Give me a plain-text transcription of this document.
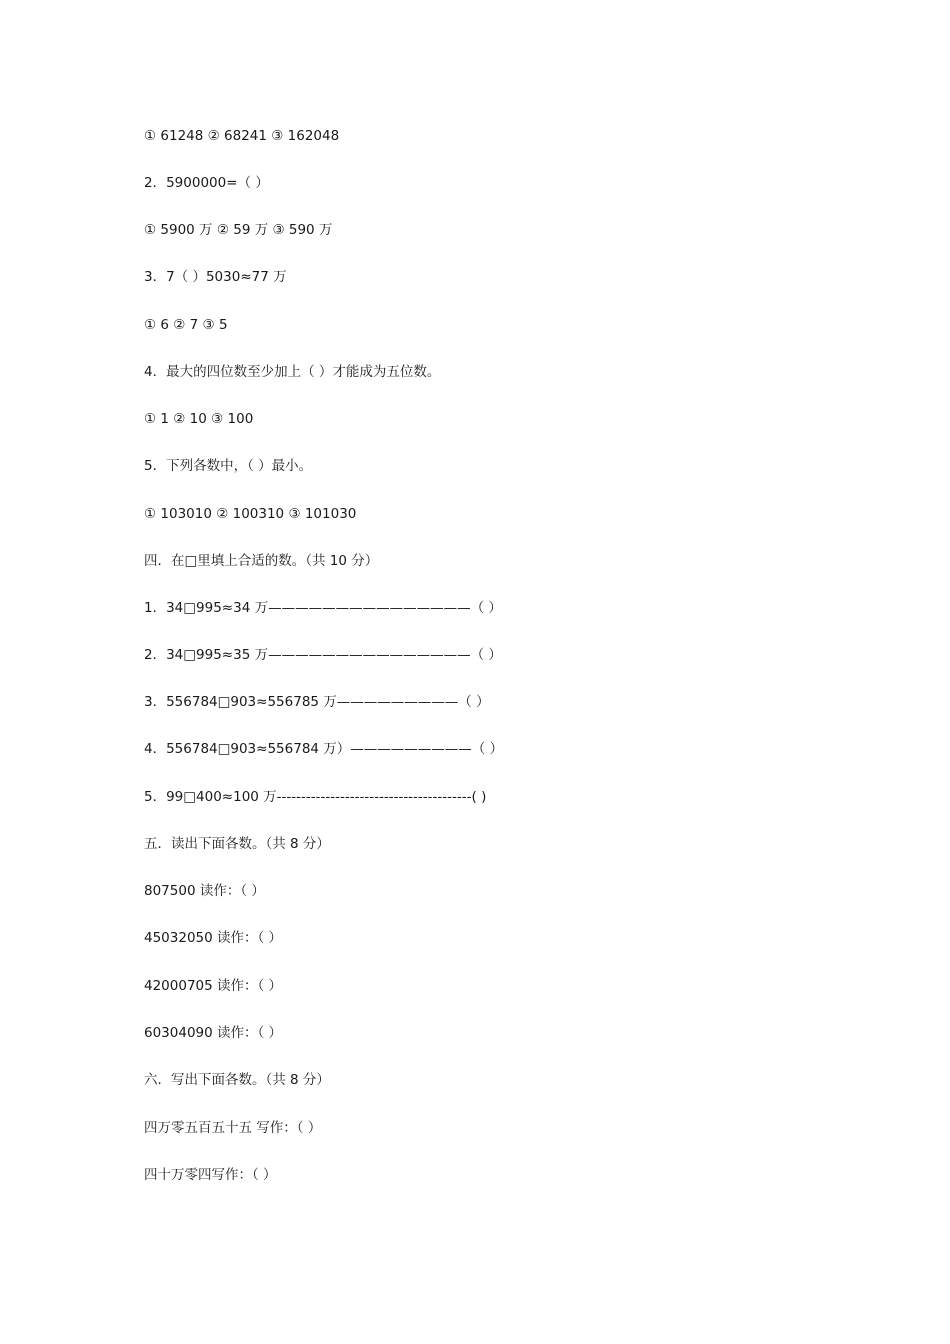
① 61248 ② 68241 ③ 162048
2．5900000=（ ）
① 5900 万 ② 59 万 ③ 590 万
3．7（ ）5030≈77 万
① 6 ② 7 ③ 5
4．最大的四位数至少加上（ ）才能成为五位数。
① 1 ② 10 ③ 100
5．下列各数中，（ ）最小。
① 103010 ② 100310 ③ 101030
四．在□里填上合适的数。（共 10 分）
1．34□995≈34 万———————————————（ ）
2．34□995≈35 万———————————————（ ）
3．556784□903≈556785 万—————————（ ）
4．556784□903≈556784 万）—————————（ ）
5．99□400≈100 万----------------------------------------( )
五．读出下面各数。（共 8 分）
807500 读作：（ ）
45032050 读作：（ ）
42000705 读作：（ ）
60304090 读作：（ ）
六．写出下面各数。（共 8 分）
四万零五百五十五 写作：（ ）
四十万零四写作：（ ）
